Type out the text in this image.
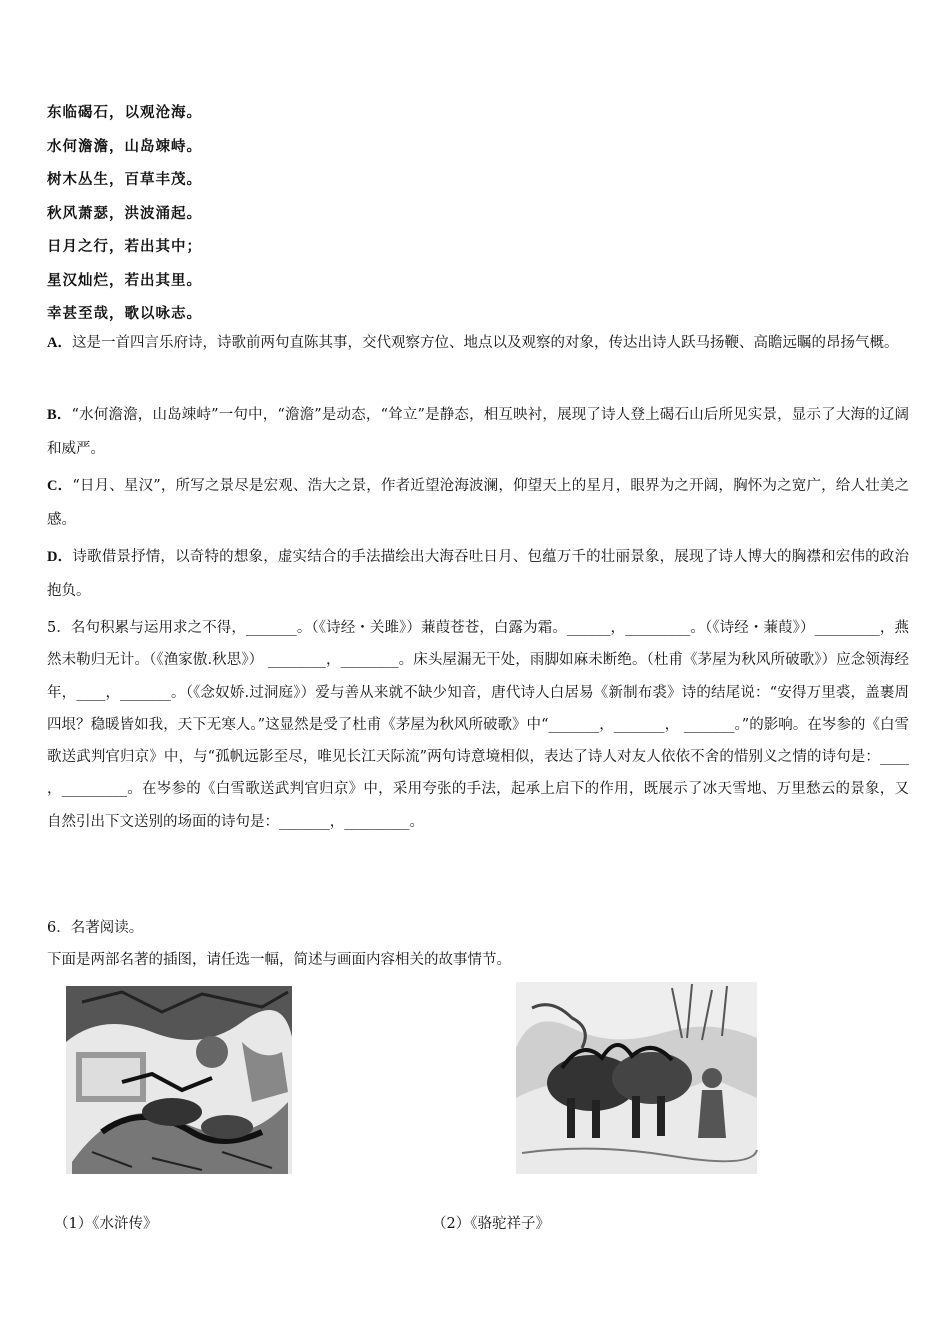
东临碣石，以观沧海。
水何澹澹，山岛竦峙。
树木丛生，百草丰茂。
秋风萧瑟，洪波涌起。
日月之行，若出其中；
星汉灿烂，若出其里。
幸甚至哉，歌以咏志。
A．这是一首四言乐府诗，诗歌前两句直陈其事，交代观察方位、地点以及观察的对象，传达出诗人跃马扬鞭、高瞻远瞩的昂扬气概。
B．“水何澹澹，山岛竦峙”一句中，“澹澹”是动态，“耸立”是静态，相互映衬，展现了诗人登上碣石山后所见实景，显示了大海的辽阔和威严。
C．“日月、星汉”，所写之景尽是宏观、浩大之景，作者近望沧海波澜，仰望天上的星月，眼界为之开阔，胸怀为之宽广，给人壮美之感。
D．诗歌借景抒情，以奇特的想象，虚实结合的手法描绘出大海吞吐日月、包蕴万千的壮丽景象，展现了诗人博大的胸襟和宏伟的政治抱负。
5．名句积累与运用求之不得，_______。（《诗经・关雎》）蒹葭苍苍，白露为霜。______，_________。（《诗经・蒹葭》）_________，燕然未勒归无计。（《渔家傲.秋思》） ________，________。床头屋漏无干处，雨脚如麻未断绝。（杜甫《茅屋为秋风所破歌》）应念领海经年，____，_______。（《念奴娇.过洞庭》）爱与善从来就不缺少知音，唐代诗人白居易《新制布裘》诗的结尾说：“安得万里裘，盖裹周四垠？稳暖皆如我，天下无寒人。”这显然是受了杜甫《茅屋为秋风所破歌》中“_______，_______， _______。”的影响。在岑参的《白雪歌送武判官归京》中，与“孤帆远影至尽，唯见长江天际流”两句诗意境相似，表达了诗人对友人依依不舍的惜别义之情的诗句是：____ ，_________。在岑参的《白雪歌送武判官归京》中，采用夸张的手法，起承上启下的作用，既展示了冰天雪地、万里愁云的景象，又自然引出下文送别的场面的诗句是：_______，_________。
6．名著阅读。
下面是两部名著的插图，请任选一幅，简述与画面内容相关的故事情节。
（1）《水浒传》	（2）《骆驼祥子》
